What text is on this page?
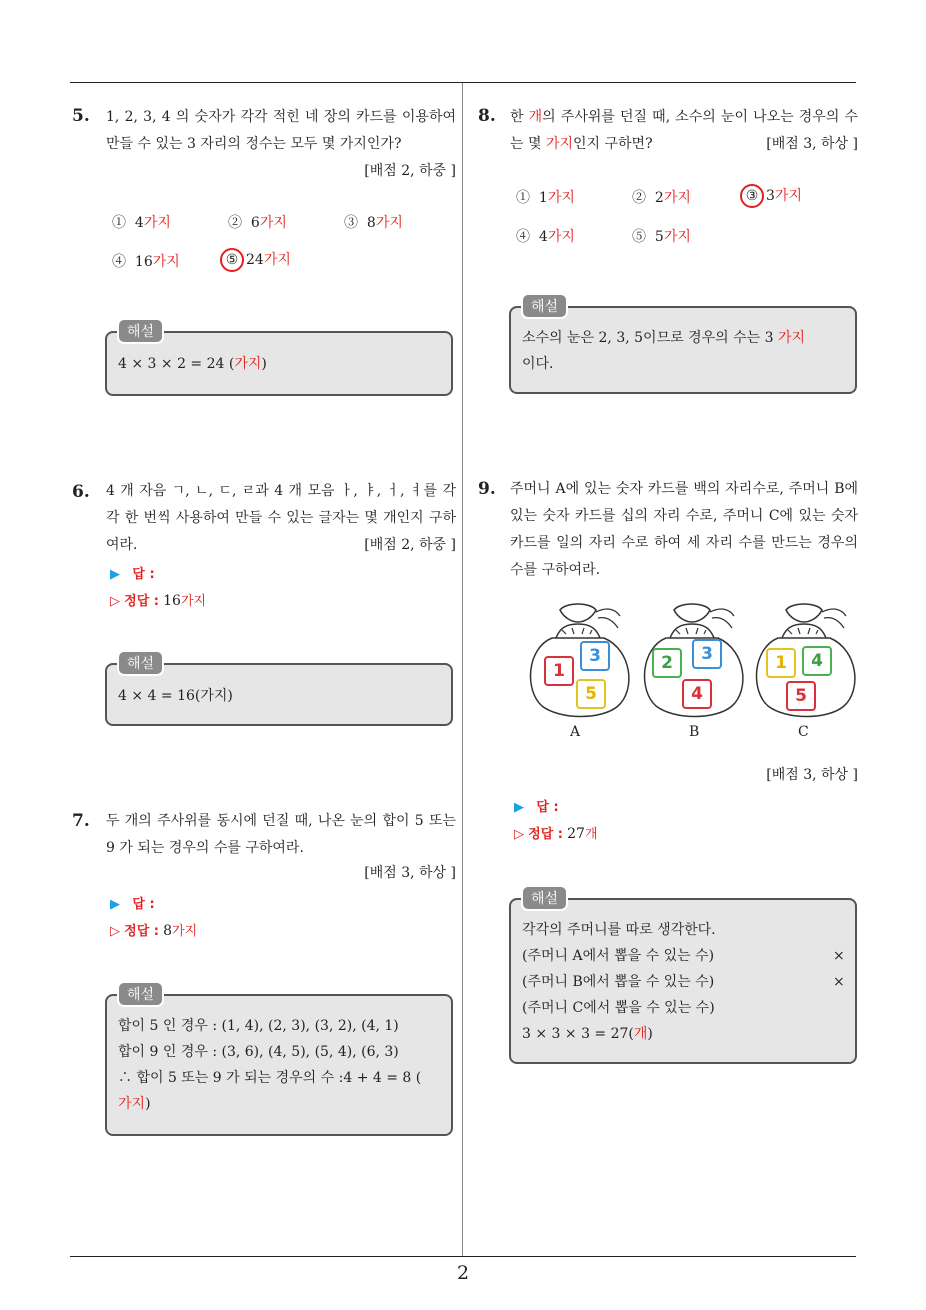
2
5. 1, 2, 3, 4 의 숫자가 각각 적힌 네 장의 카드를 이용하여 만들 수 있는 3 자리의 정수는 모두 몇 가지인가?
[배점 2, 하중 ]
① 4가지	② 6가지	③ 8가지
④ 16가지	⑤ 24가지
해설
4 × 3 × 2 = 24 (가지)
6. 4 개 자음 ㄱ, ㄴ, ㄷ, ㄹ과 4 개 모음 ㅏ, ㅑ, ㅓ, ㅕ를 각각 한 번씩 사용하여 만들 수 있는 글자는 몇 개인지 구하여라.	[배점 2, 하중 ]
▶ 답 :
▷ 정답 : 16가지
해설
4 × 4 = 16(가지)
7. 두 개의 주사위를 동시에 던질 때, 나온 눈의 합이 5 또는 9 가 되는 경우의 수를 구하여라.
[배점 3, 하상 ]
▶ 답 :
▷ 정답 : 8가지
해설
합이 5 인 경우 : (1, 4), (2, 3), (3, 2), (4, 1)
합이 9 인 경우 : (3, 6), (4, 5), (5, 4), (6, 3)
∴ 합이 5 또는 9 가 되는 경우의 수 :4 + 4 = 8 (
가지)
8. 한 개의 주사위를 던질 때, 소수의 눈이 나오는 경우의 수는 몇 가지인지 구하면?	[배점 3, 하상 ]
① 1가지	② 2가지	③ 3가지
④ 4가지	⑤ 5가지
해설
소수의 눈은 2, 3, 5이므로 경우의 수는 3 가지
이다.
9. 주머니 A에 있는 숫자 카드를 백의 자리수로, 주머니 B에 있는 숫자 카드를 십의 자리 수로, 주머니 C에 있는 숫자 카드를 일의 자리 수로 하여 세 자리 수를 만드는 경우의 수를 구하여라.
1
3
5
A
2	3
4
B
1	4
5
C
[배점 3, 하상 ]
▶ 답 :
▷ 정답 : 27개
해설
각각의 주머니를 따로 생각한다.
(주머니 A에서 뽑을 수 있는 수)
(주머니 B에서 뽑을 수 있는 수)
(주머니 C에서 뽑을 수 있는 수)
3 × 3 × 3 = 27(개)
×
×
